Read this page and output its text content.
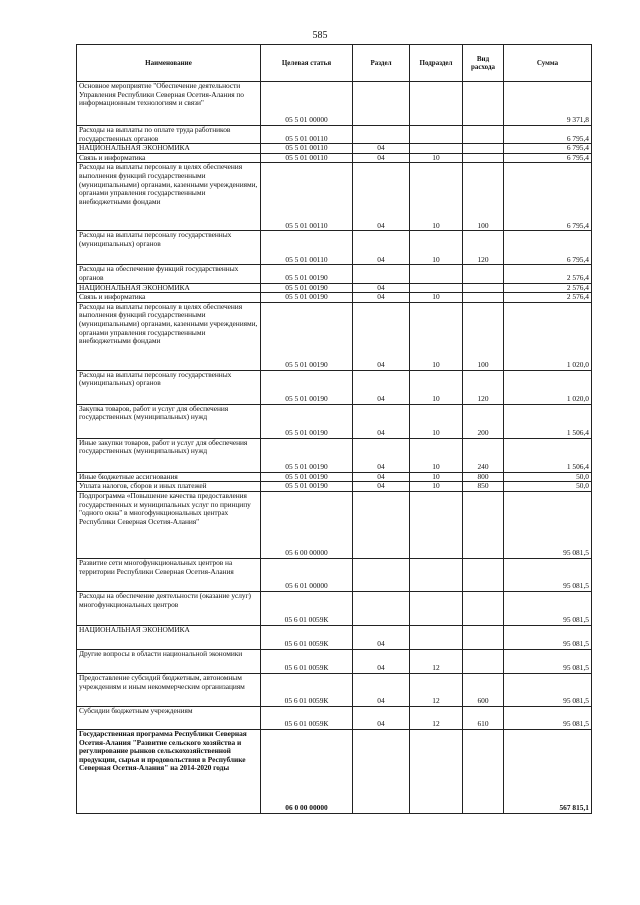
585
Наименование	Целевая статья	Раздел	Подраздел	Вид расхода	Сумма
Основное мероприятие "Обеспечение деятельности Управления Республики Северная Осетия-Алания по информационным технологиям и связи"	05 5 01 00000				9 371,8
Расходы на выплаты по оплате труда работников государственных органов	05 5 01 00110				6 795,4
НАЦИОНАЛЬНАЯ ЭКОНОМИКА	05 5 01 00110	04			6 795,4
Связь и информатика	05 5 01 00110	04	10		6 795,4
Расходы на выплаты персоналу в целях обеспечения выполнения функций государственными (муниципальными) органами, казенными учреждениями, органами управления государственными внебюджетными фондами	05 5 01 00110	04	10	100	6 795,4
Расходы на выплаты персоналу государственных (муниципальных) органов	05 5 01 00110	04	10	120	6 795,4
Расходы на обеспечение функций государственных органов	05 5 01 00190				2 576,4
НАЦИОНАЛЬНАЯ ЭКОНОМИКА	05 5 01 00190	04			2 576,4
Связь и информатика	05 5 01 00190	04	10		2 576,4
Расходы на выплаты персоналу в целях обеспечения выполнения функций государственными (муниципальными) органами, казенными учреждениями, органами управления государственными внебюджетными фондами	05 5 01 00190	04	10	100	1 020,0
Расходы на выплаты персоналу государственных (муниципальных) органов	05 5 01 00190	04	10	120	1 020,0
Закупка товаров, работ и услуг для обеспечения государственных (муниципальных) нужд	05 5 01 00190	04	10	200	1 506,4
Иные закупки товаров, работ и услуг для обеспечения государственных (муниципальных) нужд	05 5 01 00190	04	10	240	1 506,4
Иные бюджетные ассигнования	05 5 01 00190	04	10	800	50,0
Уплата налогов, сборов и иных платежей	05 5 01 00190	04	10	850	50,0
Подпрограмма «Повышение качества предоставления государственных и муниципальных услуг по принципу "одного окна" в многофункциональных центрах Республики Северная Осетия-Алания"	05 6 00 00000				95 081,5
Развитие сети многофункциональных центров на территории Республики Северная Осетия-Алания	05 6 01 00000				95 081,5
Расходы на обеспечение деятельности (оказание услуг) многофункциональных центров	05 6 01 0059К				95 081,5
НАЦИОНАЛЬНАЯ ЭКОНОМИКА	05 6 01 0059К	04			95 081,5
Другие вопросы в области национальной экономики	05 6 01 0059К	04	12		95 081,5
Предоставление субсидий бюджетным, автономным учреждениям и иным некоммерческим организациям	05 6 01 0059К	04	12	600	95 081,5
Субсидии бюджетным учреждениям	05 6 01 0059К	04	12	610	95 081,5
Государственная программа Республики Северная Осетия-Алания "Развитие сельского хозяйства и регулирование рынков сельскохозяйственной продукции, сырья и продовольствия в Республике Северная Осетия-Алания" на 2014-2020 годы	06 0 00 00000				567 815,1
